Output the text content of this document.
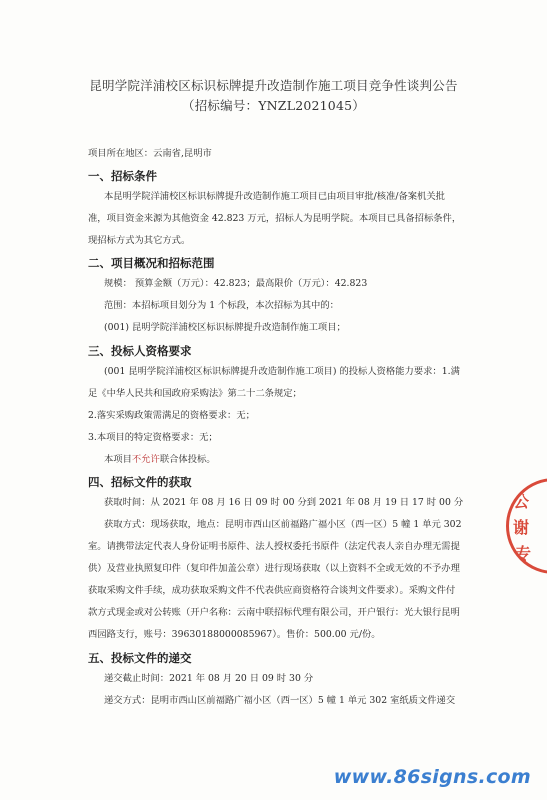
昆明学院洋浦校区标识标牌提升改造制作施工项目竞争性谈判公告
（招标编号：YNZL2021045）
项目所在地区：云南省,昆明市
一、招标条件
本昆明学院洋浦校区标识标牌提升改造制作施工项目已由项目审批/核准/备案机关批
准，项目资金来源为其他资金 42.823 万元，招标人为昆明学院。本项目已具备招标条件，
现招标方式为其它方式。
二、项目概况和招标范围
规模： 预算金额（万元）：42.823；最高限价（万元）：42.823
范围：本招标项目划分为 1 个标段，本次招标为其中的：
(001) 昆明学院洋浦校区标识标牌提升改造制作施工项目；
三、投标人资格要求
(001 昆明学院洋浦校区标识标牌提升改造制作施工项目) 的投标人资格能力要求：1.满
足《中华人民共和国政府采购法》第二十二条规定；
2.落实采购政策需满足的资格要求：无；
3.本项目的特定资格要求：无；
本项目不允许联合体投标。
四、招标文件的获取
获取时间：从 2021 年 08 月 16 日 09 时 00 分到 2021 年 08 月 19 日 17 时 00 分
获取方式：现场获取，地点：昆明市西山区前福路广福小区（西一区）5 幢 1 单元 302
室。请携带法定代表人身份证明书原件、法人授权委托书原件（法定代表人亲自办理无需提
供）及营业执照复印件（复印件加盖公章）进行现场获取（以上资料不全或无效的不予办理
获取采购文件手续，成功获取采购文件不代表供应商资格符合谈判文件要求）。采购文件付
款方式现金或对公转账（开户名称：云南中联招标代理有限公司，开户银行：光大银行昆明
西园路支行，账号：39630188000085967）。售价：500.00 元/份。
五、投标文件的递交
递交截止时间：2021 年 08 月 20 日 09 时 30 分
递交方式：昆明市西山区前福路广福小区（西一区）5 幢 1 单元 302 室纸质文件递交
公
谢
专
www.86signs.com
